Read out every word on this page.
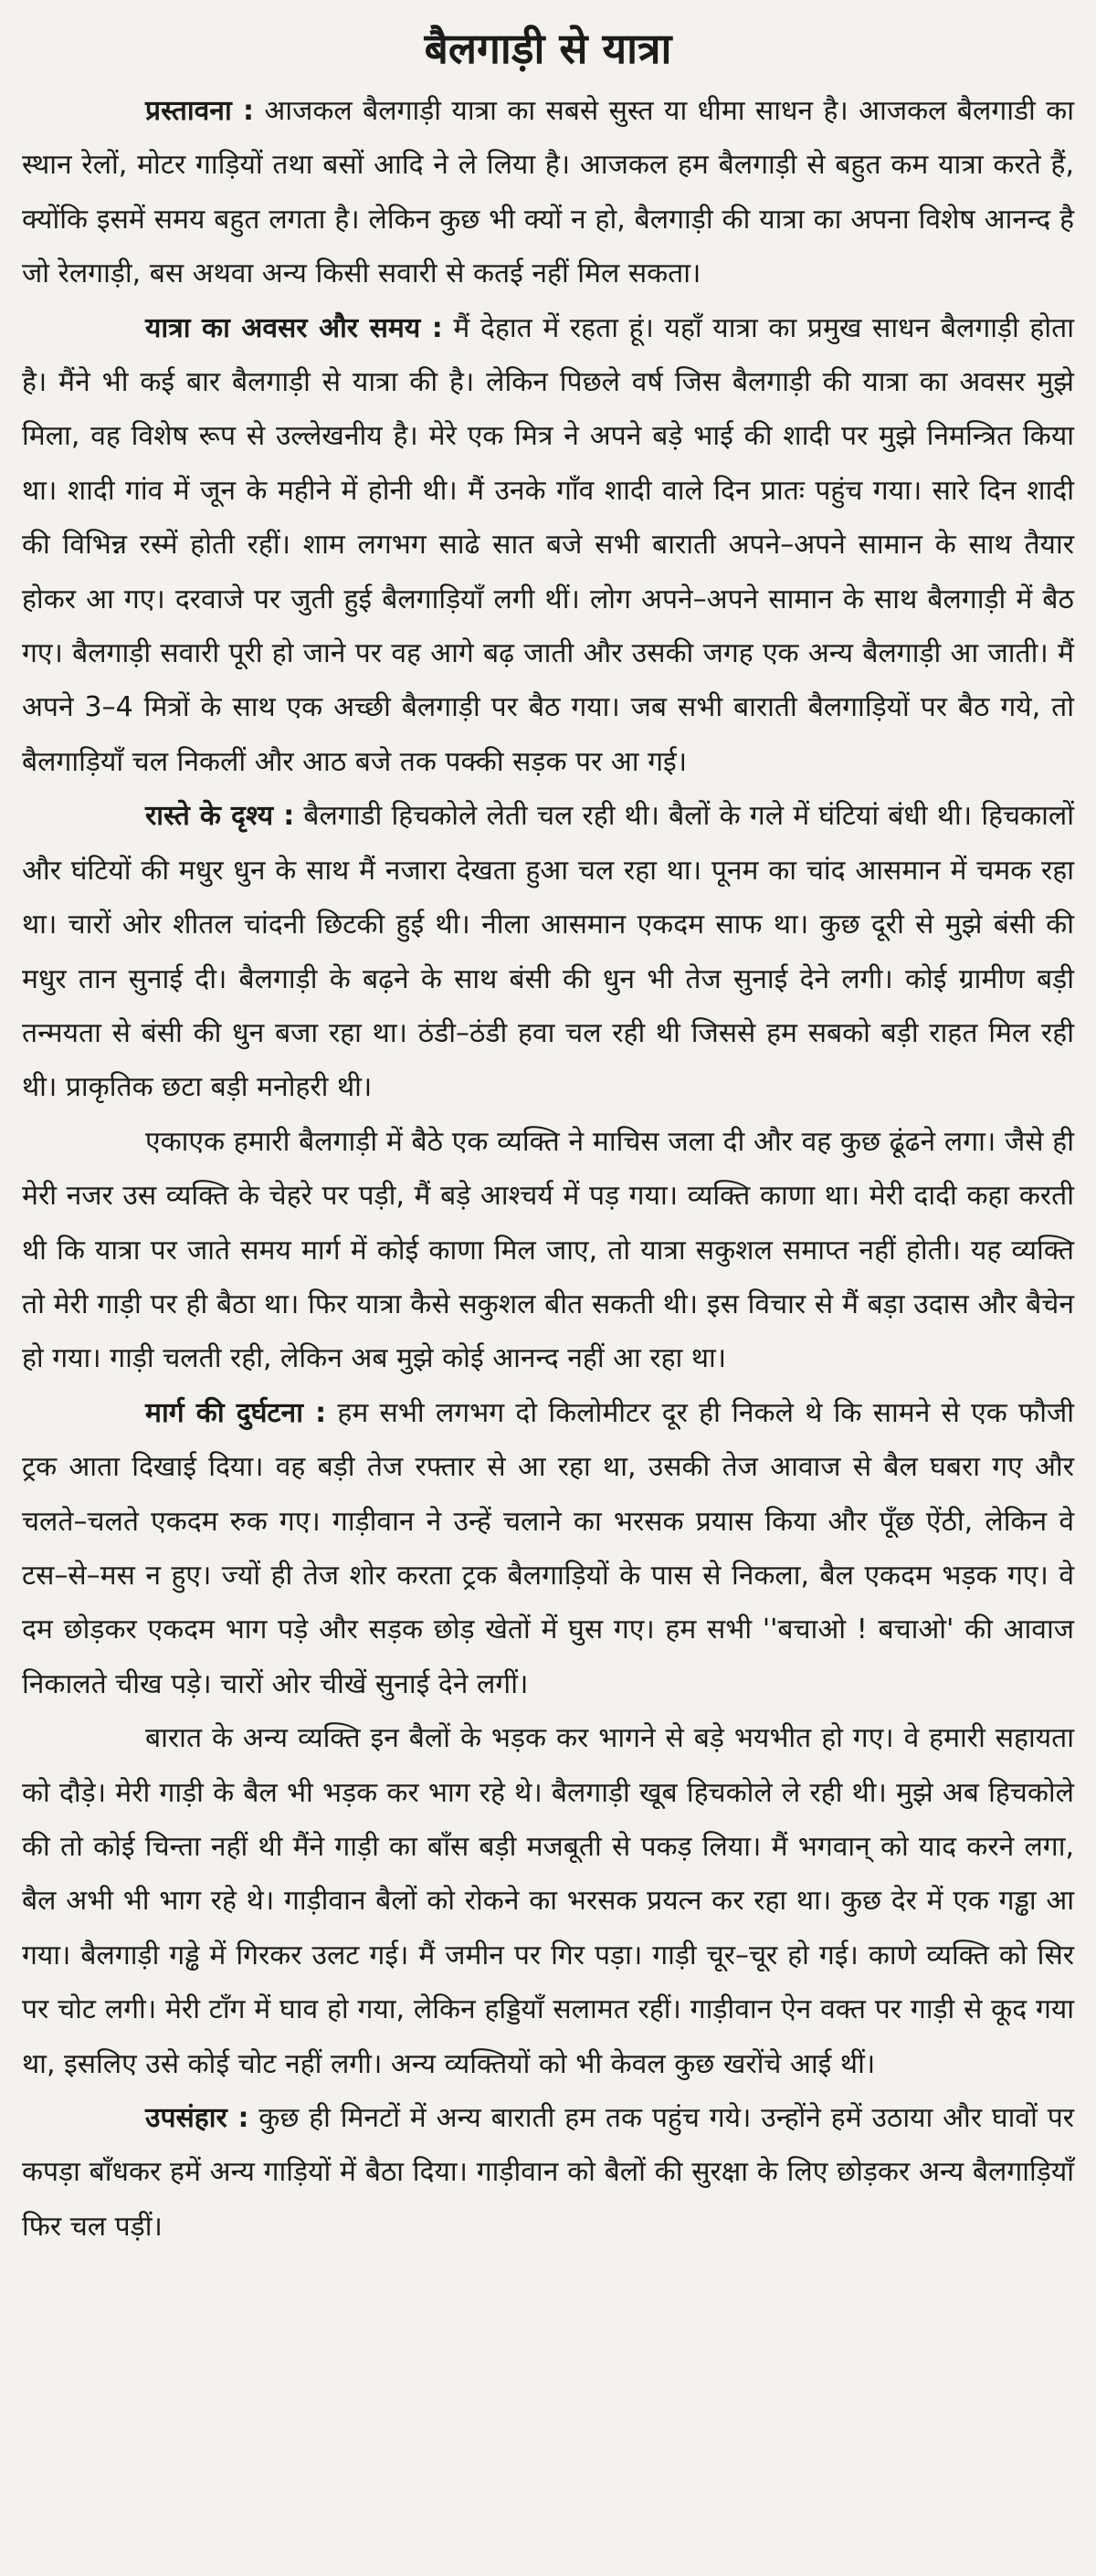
बैलगाड़ी से यात्रा

प्रस्तावना : आजकल बैलगाड़ी यात्रा का सबसे सुस्त या धीमा साधन है। आजकल बैलगाडी का स्थान रेलों, मोटर गाड़ियों तथा बसों आदि ने ले लिया है। आजकल हम बैलगाड़ी से बहुत कम यात्रा करते हैं, क्योंकि इसमें समय बहुत लगता है। लेकिन कुछ भी क्यों न हो, बैलगाड़ी की यात्रा का अपना विशेष आनन्द है जो रेलगाड़ी, बस अथवा अन्य किसी सवारी से कतई नहीं मिल सकता।

यात्रा का अवसर और समय : मैं देहात में रहता हूं। यहाँ यात्रा का प्रमुख साधन बैलगाड़ी होता है। मैंने भी कई बार बैलगाड़ी से यात्रा की है। लेकिन पिछले वर्ष जिस बैलगाड़ी की यात्रा का अवसर मुझे मिला, वह विशेष रूप से उल्लेखनीय है। मेरे एक मित्र ने अपने बड़े भाई की शादी पर मुझे निमन्त्रित किया था। शादी गांव में जून के महीने में होनी थी। मैं उनके गाँव शादी वाले दिन प्रातः पहुंच गया। सारे दिन शादी की विभिन्न रस्में होती रहीं। शाम लगभग साढे सात बजे सभी बाराती अपने–अपने सामान के साथ तैयार होकर आ गए। दरवाजे पर जुती हुई बैलगाड़ियाँ लगी थीं। लोग अपने–अपने सामान के साथ बैलगाड़ी में बैठ गए। बैलगाड़ी सवारी पूरी हो जाने पर वह आगे बढ़ जाती और उसकी जगह एक अन्य बैलगाड़ी आ जाती। मैं अपने 3–4 मित्रों के साथ एक अच्छी बैलगाड़ी पर बैठ गया। जब सभी बाराती बैलगाड़ियों पर बैठ गये, तो बैलगाड़ियाँ चल निकलीं और आठ बजे तक पक्की सड़क पर आ गई।

रास्ते के दृश्य : बैलगाडी हिचकोले लेती चल रही थी। बैलों के गले में घंटियां बंधी थी। हिचकालों और घंटियों की मधुर धुन के साथ मैं नजारा देखता हुआ चल रहा था। पूनम का चांद आसमान में चमक रहा था। चारों ओर शीतल चांदनी छिटकी हुई थी। नीला आसमान एकदम साफ था। कुछ दूरी से मुझे बंसी की मधुर तान सुनाई दी। बैलगाड़ी के बढ़ने के साथ बंसी की धुन भी तेज सुनाई देने लगी। कोई ग्रामीण बड़ी तन्मयता से बंसी की धुन बजा रहा था। ठंडी–ठंडी हवा चल रही थी जिससे हम सबको बड़ी राहत मिल रही थी। प्राकृतिक छटा बड़ी मनोहरी थी।

एकाएक हमारी बैलगाड़ी में बैठे एक व्यक्ति ने माचिस जला दी और वह कुछ ढूंढने लगा। जैसे ही मेरी नजर उस व्यक्ति के चेहरे पर पड़ी, मैं बड़े आश्चर्य में पड़ गया। व्यक्ति काणा था। मेरी दादी कहा करती थी कि यात्रा पर जाते समय मार्ग में कोई काणा मिल जाए, तो यात्रा सकुशल समाप्त नहीं होती। यह व्यक्ति तो मेरी गाड़ी पर ही बैठा था। फिर यात्रा कैसे सकुशल बीत सकती थी। इस विचार से मैं बड़ा उदास और बैचेन हो गया। गाड़ी चलती रही, लेकिन अब मुझे कोई आनन्द नहीं आ रहा था।

मार्ग की दुर्घटना : हम सभी लगभग दो किलोमीटर दूर ही निकले थे कि सामने से एक फौजी ट्रक आता दिखाई दिया। वह बड़ी तेज रफ्तार से आ रहा था, उसकी तेज आवाज से बैल घबरा गए और चलते–चलते एकदम रुक गए। गाड़ीवान ने उन्हें चलाने का भरसक प्रयास किया और पूँछ ऐंठी, लेकिन वे टस–से–मस न हुए। ज्यों ही तेज शोर करता ट्रक बैलगाड़ियों के पास से निकला, बैल एकदम भड़क गए। वे दम छोड़कर एकदम भाग पड़े और सड़क छोड़ खेतों में घुस गए। हम सभी ''बचाओ ! बचाओ' की आवाज निकालते चीख पड़े। चारों ओर चीखें सुनाई देने लगीं।

बारात के अन्य व्यक्ति इन बैलों के भड़क कर भागने से बड़े भयभीत हो गए। वे हमारी सहायता को दौड़े। मेरी गाड़ी के बैल भी भड़क कर भाग रहे थे। बैलगाड़ी खूब हिचकोले ले रही थी। मुझे अब हिचकोले की तो कोई चिन्ता नहीं थी मैंने गाड़ी का बाँस बड़ी मजबूती से पकड़ लिया। मैं भगवान् को याद करने लगा, बैल अभी भी भाग रहे थे। गाड़ीवान बैलों को रोकने का भरसक प्रयत्न कर रहा था। कुछ देर में एक गड्ढा आ गया। बैलगाड़ी गड्ढे में गिरकर उलट गई। मैं जमीन पर गिर पड़ा। गाड़ी चूर–चूर हो गई। काणे व्यक्ति को सिर पर चोट लगी। मेरी टाँग में घाव हो गया, लेकिन हड्डियाँ सलामत रहीं। गाड़ीवान ऐन वक्त पर गाड़ी से कूद गया था, इसलिए उसे कोई चोट नहीं लगी। अन्य व्यक्तियों को भी केवल कुछ खरोंचे आई थीं।

उपसंहार : कुछ ही मिनटों में अन्य बाराती हम तक पहुंच गये। उन्होंने हमें उठाया और घावों पर कपड़ा बाँधकर हमें अन्य गाड़ियों में बैठा दिया। गाड़ीवान को बैलों की सुरक्षा के लिए छोड़कर अन्य बैलगाड़ियाँ फिर चल पड़ीं।
